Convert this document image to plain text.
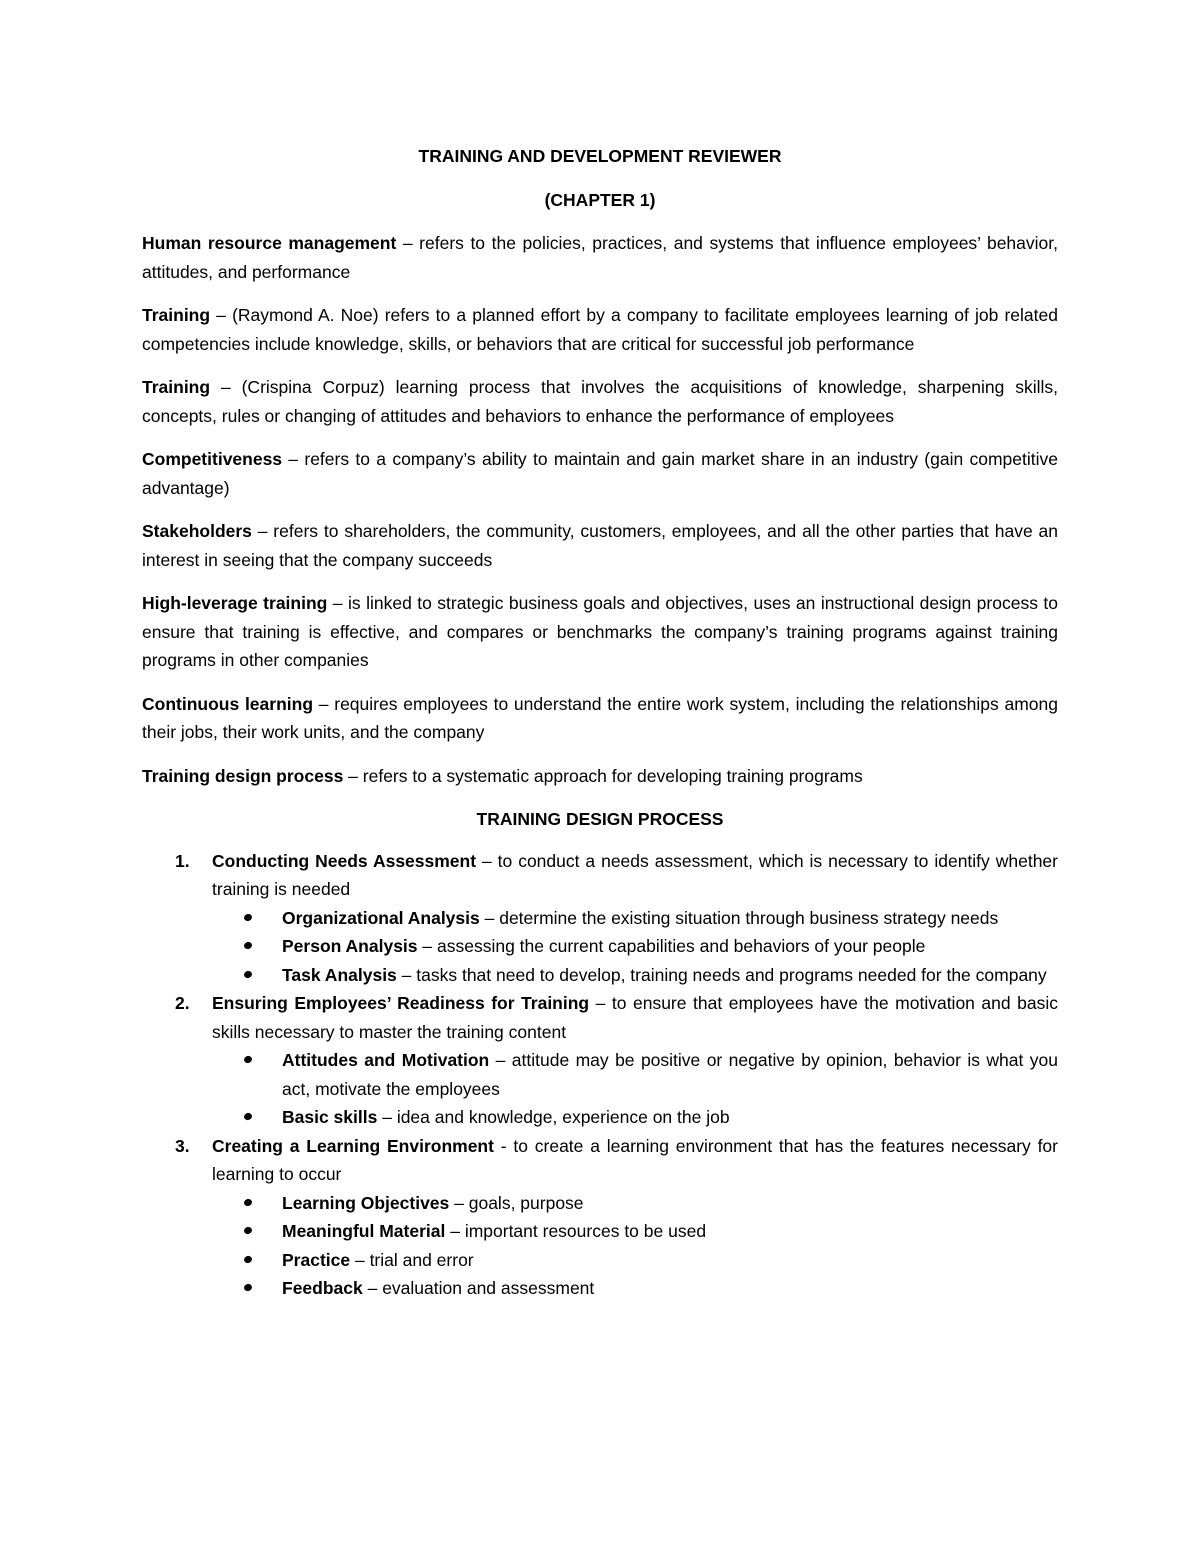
TRAINING AND DEVELOPMENT REVIEWER
(CHAPTER 1)

Human resource management – refers to the policies, practices, and systems that influence employees’ behavior, attitudes, and performance

Training – (Raymond A. Noe) refers to a planned effort by a company to facilitate employees learning of job related competencies include knowledge, skills, or behaviors that are critical for successful job performance

Training – (Crispina Corpuz) learning process that involves the acquisitions of knowledge, sharpening skills, concepts, rules or changing of attitudes and behaviors to enhance the performance of employees

Competitiveness – refers to a company’s ability to maintain and gain market share in an industry (gain competitive advantage)

Stakeholders – refers to shareholders, the community, customers, employees, and all the other parties that have an interest in seeing that the company succeeds

High-leverage training – is linked to strategic business goals and objectives, uses an instructional design process to ensure that training is effective, and compares or benchmarks the company’s training programs against training programs in other companies

Continuous learning – requires employees to understand the entire work system, including the relationships among their jobs, their work units, and the company

Training design process – refers to a systematic approach for developing training programs

TRAINING DESIGN PROCESS
1. Conducting Needs Assessment – to conduct a needs assessment, which is necessary to identify whether training is needed
Organizational Analysis – determine the existing situation through business strategy needs
Person Analysis – assessing the current capabilities and behaviors of your people
Task Analysis – tasks that need to develop, training needs and programs needed for the company
2. Ensuring Employees’ Readiness for Training – to ensure that employees have the motivation and basic skills necessary to master the training content
Attitudes and Motivation – attitude may be positive or negative by opinion, behavior is what you act, motivate the employees
Basic skills – idea and knowledge, experience on the job
3. Creating a Learning Environment - to create a learning environment that has the features necessary for learning to occur
Learning Objectives – goals, purpose
Meaningful Material – important resources to be used
Practice – trial and error
Feedback – evaluation and assessment
